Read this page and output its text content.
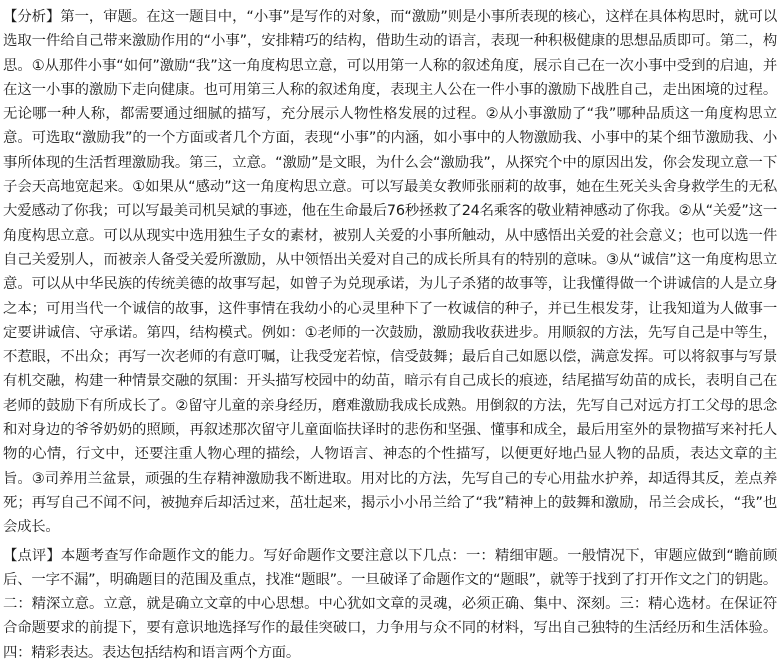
【分析】第一，审题。在这一题目中，“小事”是写作的对象，而“激励”则是小事所表现的核心，这样在具体构思时，就可以选取一件给自己带来激励作用的“小事”，安排精巧的结构，借助生动的语言，表现一种积极健康的思想品质即可。第二，构思。①从那件小事“如何”激励“我”这一角度构思立意，可以用第一人称的叙述角度，展示自己在一次小事中受到的启迪，并在这一小事的激励下走向健康。也可用第三人称的叙述角度，表现主人公在一件小事的激励下战胜自己，走出困境的过程。无论哪一种人称，都需要通过细腻的描写，充分展示人物性格发展的过程。②从小事激励了“我”哪种品质这一角度构思立意。可选取“激励我”的一个方面或者几个方面，表现“小事”的内涵，如小事中的人物激励我、小事中的某个细节激励我、小事所体现的生活哲理激励我。第三，立意。“激励”是文眼，为什么会“激励我”，从探究个中的原因出发，你会发现立意一下子会天高地宽起来。①如果从“感动”这一角度构思立意。可以写最美女教师张丽莉的故事，她在生死关头舍身救学生的无私大爱感动了你我；可以写最美司机吴斌的事迹，他在生命最后76秒拯救了24名乘客的敬业精神感动了你我。②从“关爱”这一角度构思立意。可以从现实中选用独生子女的素材，被别人关爱的小事所触动，从中感悟出关爱的社会意义；也可以选一件自己关爱别人，而被亲人备受关爱所激励，从中领悟出关爱对自己的成长所具有的特别的意味。③从“诚信”这一角度构思立意。可以从中华民族的传统美德的故事写起，如曾子为兑现承诺，为儿子杀猪的故事等，让我懂得做一个讲诚信的人是立身之本；可用当代一个诚信的故事，这件事情在我幼小的心灵里种下了一枚诚信的种子，并已生根发芽，让我知道为人做事一定要讲诚信、守承诺。第四，结构模式。例如：①老师的一次鼓励，激励我收获进步。用顺叙的方法，先写自己是中等生，不惹眼，不出众；再写一次老师的有意叮嘱，让我受宠若惊，信受鼓舞；最后自己如愿以偿，满意发挥。可以将叙事与写景有机交融，构建一种情景交融的氛围：开头描写校园中的幼苗，暗示有自己成长的痕迹，结尾描写幼苗的成长，表明自己在老师的鼓励下有所成长了。②留守儿童的亲身经历，磨难激励我成长成熟。用倒叙的方法，先写自己对远方打工父母的思念和对身边的爷爷奶奶的照顾，再叙述那次留守儿童面临扶译时的悲伤和坚强、懂事和成全，最后用室外的景物描写来衬托人物的心情，行文中，还要注重人物心理的描绘，人物语言、神态的个性描写，以便更好地凸显人物的品质，表达文章的主旨。③司养用兰盆景，顽强的生存精神激励我不断进取。用对比的方法，先写自己的专心用盐水护养，却适得其反，差点养死；再写自己不闻不问，被抛弃后却活过来，茁壮起来，揭示小小吊兰给了“我”精神上的鼓舞和激励，吊兰会成长，“我”也会成长。

【点评】本题考查写作命题作文的能力。写好命题作文要注意以下几点：一：精细审题。一般情况下，审题应做到“瞻前顾后、一字不漏”，明确题目的范围及重点，找准“题眼”。一旦破译了命题作文的“题眼”，就等于找到了打开作文之门的钥匙。二：精深立意。立意，就是确立文章的中心思想。中心犹如文章的灵魂，必须正确、集中、深刻。三：精心选材。在保证符合命题要求的前提下，要有意识地选择写作的最佳突破口，力争用与众不同的材料，写出自己独特的生活经历和生活体验。四：精彩表达。表达包括结构和语言两个方面。
